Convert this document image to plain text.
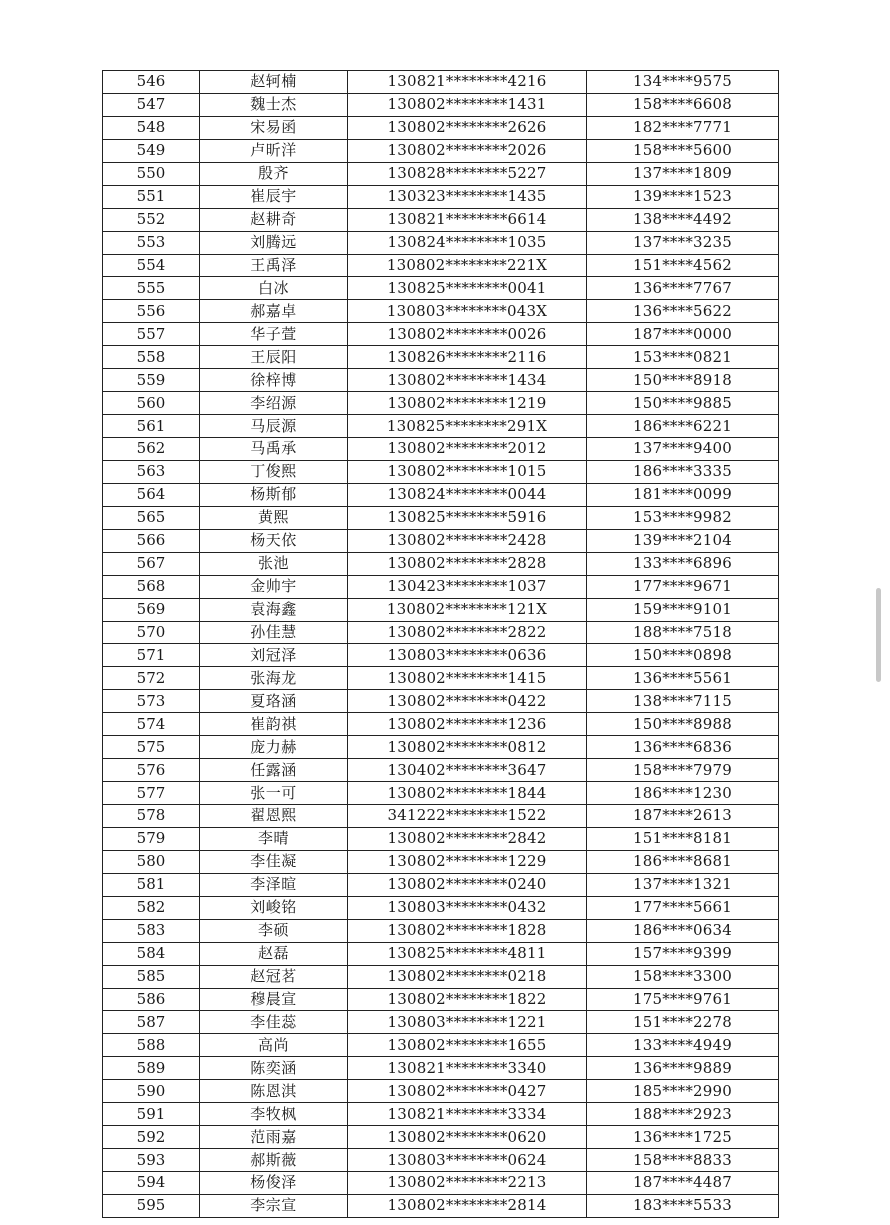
546	赵轲楠	130821********4216	134****9575
547	魏士杰	130802********1431	158****6608
548	宋易函	130802********2626	182****7771
549	卢昕洋	130802********2026	158****5600
550	殷齐	130828********5227	137****1809
551	崔辰宇	130323********1435	139****1523
552	赵耕奇	130821********6614	138****4492
553	刘腾远	130824********1035	137****3235
554	王禹泽	130802********221X	151****4562
555	白冰	130825********0041	136****7767
556	郝嘉卓	130803********043X	136****5622
557	华子萱	130802********0026	187****0000
558	王辰阳	130826********2116	153****0821
559	徐梓博	130802********1434	150****8918
560	李绍源	130802********1219	150****9885
561	马辰源	130825********291X	186****6221
562	马禹承	130802********2012	137****9400
563	丁俊熙	130802********1015	186****3335
564	杨斯郁	130824********0044	181****0099
565	黄熙	130825********5916	153****9982
566	杨天依	130802********2428	139****2104
567	张池	130802********2828	133****6896
568	金帅宇	130423********1037	177****9671
569	袁海鑫	130802********121X	159****9101
570	孙佳慧	130802********2822	188****7518
571	刘冠泽	130803********0636	150****0898
572	张海龙	130802********1415	136****5561
573	夏珞涵	130802********0422	138****7115
574	崔韵祺	130802********1236	150****8988
575	庞力赫	130802********0812	136****6836
576	任露涵	130402********3647	158****7979
577	张一可	130802********1844	186****1230
578	翟恩熙	341222********1522	187****2613
579	李晴	130802********2842	151****8181
580	李佳凝	130802********1229	186****8681
581	李泽暄	130802********0240	137****1321
582	刘峻铭	130803********0432	177****5661
583	李硕	130802********1828	186****0634
584	赵磊	130825********4811	157****9399
585	赵冠茗	130802********0218	158****3300
586	穆晨宣	130802********1822	175****9761
587	李佳蕊	130803********1221	151****2278
588	高尚	130802********1655	133****4949
589	陈奕涵	130821********3340	136****9889
590	陈恩淇	130802********0427	185****2990
591	李牧枫	130821********3334	188****2923
592	范雨嘉	130802********0620	136****1725
593	郝斯薇	130803********0624	158****8833
594	杨俊泽	130802********2213	187****4487
595	李宗宣	130802********2814	183****5533
